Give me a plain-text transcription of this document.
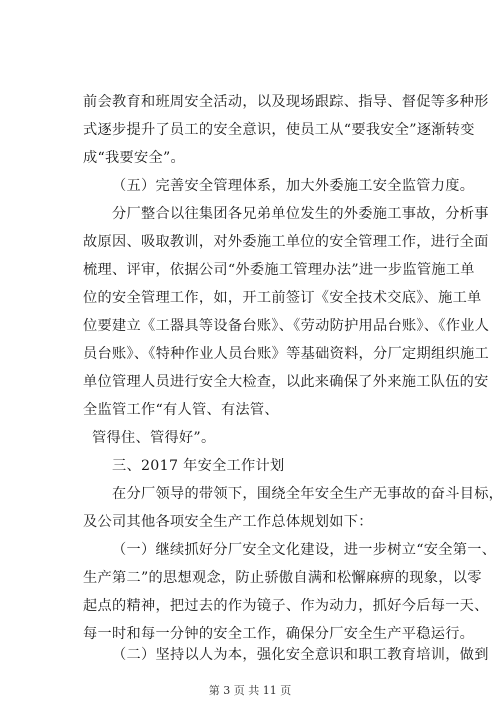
前会教育和班周安全活动，以及现场跟踪、指导、督促等多种形
式逐步提升了员工的安全意识，使员工从“要我安全”逐渐转变
成“我要安全”。
（五）完善安全管理体系，加大外委施工安全监管力度。
分厂整合以往集团各兄弟单位发生的外委施工事故，分析事
故原因、吸取教训，对外委施工单位的安全管理工作，进行全面
梳理、评审，依据公司“外委施工管理办法”进一步监管施工单
位的安全管理工作，如，开工前签订《安全技术交底》、施工单
位要建立《工器具等设备台账》、《劳动防护用品台账》、《作业人
员台账》、《特种作业人员台账》等基础资料，分厂定期组织施工
单位管理人员进行安全大检查，以此来确保了外来施工队伍的安
全监管工作“有人管、有法管、
管得住、管得好”。
三、2017 年安全工作计划
在分厂领导的带领下，围绕全年安全生产无事故的奋斗目标，
及公司其他各项安全生产工作总体规划如下：
（一）继续抓好分厂安全文化建设，进一步树立“安全第一、
生产第二”的思想观念，防止骄傲自满和松懈麻痹的现象，以零
起点的精神，把过去的作为镜子、作为动力，抓好今后每一天、
每一时和每一分钟的安全工作，确保分厂安全生产平稳运行。
（二）坚持以人为本，强化安全意识和职工教育培训，做到
第 3 页 共 11 页
